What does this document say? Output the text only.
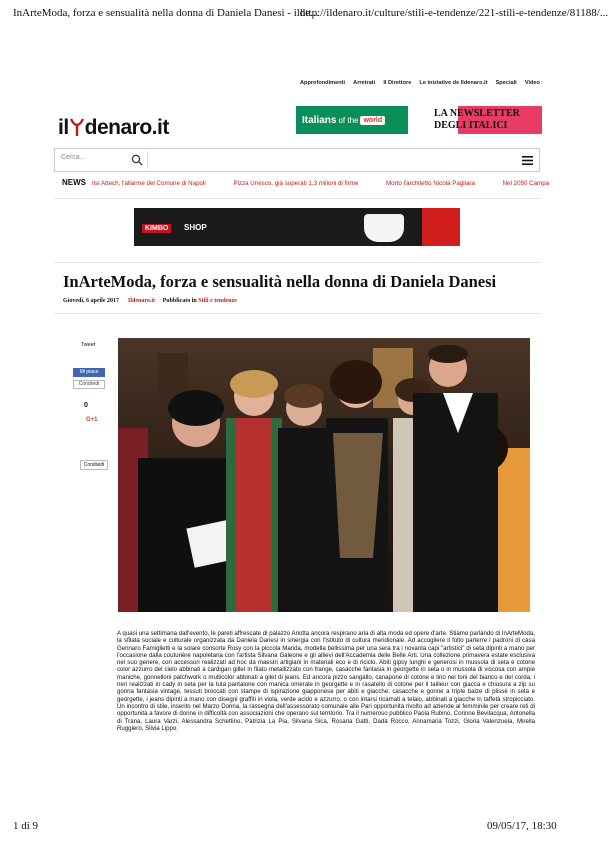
InArteModa, forza e sensualità nella donna di Daniela Danesi - ilde...
http://ildenaro.it/culture/stili-e-tendenze/221-stili-e-tendenze/81188/...
Approfondimenti Arretrati Il Direttore Le iniziative de Ildenaro.it Speciali Video
il denaro.it	Italians of the world
LA NEWSLETTER
DEGLI ITALICI
Cerca...
NEWS risi Attech, l'allarme del Comune di Napoli	Pizza Unesco, già superati 1,3 milioni di firme	Morto l'architetto Nicola Pagliara	Nel 2050 Campa
KIMBO	SHOP
InArteModa, forza e sensualità nella donna di Daniela Danesi
Giovedì, 6 aprile 2017 Ildenaro.it Pubblicato in Stili e tendenze
Tweet
Mi piace
Condividi
0
G+1
Condividi
A quasi una settimana dall'evento, le pareti affrescate di palazzo Ariotta ancora respirano aria di alta moda ed opere d'arte. Stiamo parlando di InArteModa, la sfilata sociale e culturale organizzata da Daniela Danesi in sinergia con l'Istituto di cultura meridionale. Ad accogliere il folto parterre i padroni di casa Gennaro Famiglietti e la solare consorte Rosy con la piccola Marida, modella bellissima per una sera tra i novanta capi "artistici" di seta dipinti a mano per l'occasione dalla couturière napoletana con l'artista Silvana Galeone e gli allievi dell'Accademia delle Belle Arti. Una collezione primavera estate esclusiva nel suo genere, con accessori realizzati ad hoc da maestri artigiani in materiali eco e di riciclo. Abiti gipsy lunghi e generosi in mussola di seta e cotone color azzurro del cielo abbinati a cardigan gillet in filato metallizzato con frange, casacche fantasia in georgette in seta o in mussola di viscosa con ampie maniche, gonnelloni patchwork o multicolor abbinati a gilet di jeans. Ed ancora pizzo sangallo, canapone di cotone e lino nei toni del bianco e del corda, i neri realizzati in cady in seta per la tuta pantalone con manica omerale in georgette e in rasatello di cotone per il tailleur con giacca e chiusura a zip su gonna fantasia vintage, tessuti broccati con stampe di ispirazione giapponese per abiti e giacche; casacche e gonne a triple balze di plissé in seta e georgette, i jeans dipinti a mano con disegni graffiti in viola, verde acido e azzurro, o con intarsi ricamati a telaio, abbinati a giacche in taffetà stropicciato. Un incontro di stile, inserito nel Marzo Donna, la rassegna dell'assessorato comunale alle Pari opportunità rivolto ad aziende al femminile per creare reti di opportunità a favore di donne in difficoltà con associazioni che operano sul territorio. Tra il numeroso pubblico Paola Rubino, Corinne Bevilacqua, Antonella di Trana, Laura Varzi, Alessandra Schettino, Patrizia La Pia, Silvana Sica, Rosaria Gatti, Dadà Rocco, Annamaria Tozzi, Gloria Valenzuela, Mirella Ruggiero, Silvia Lippo.
1 di 9	09/05/17, 18:30
